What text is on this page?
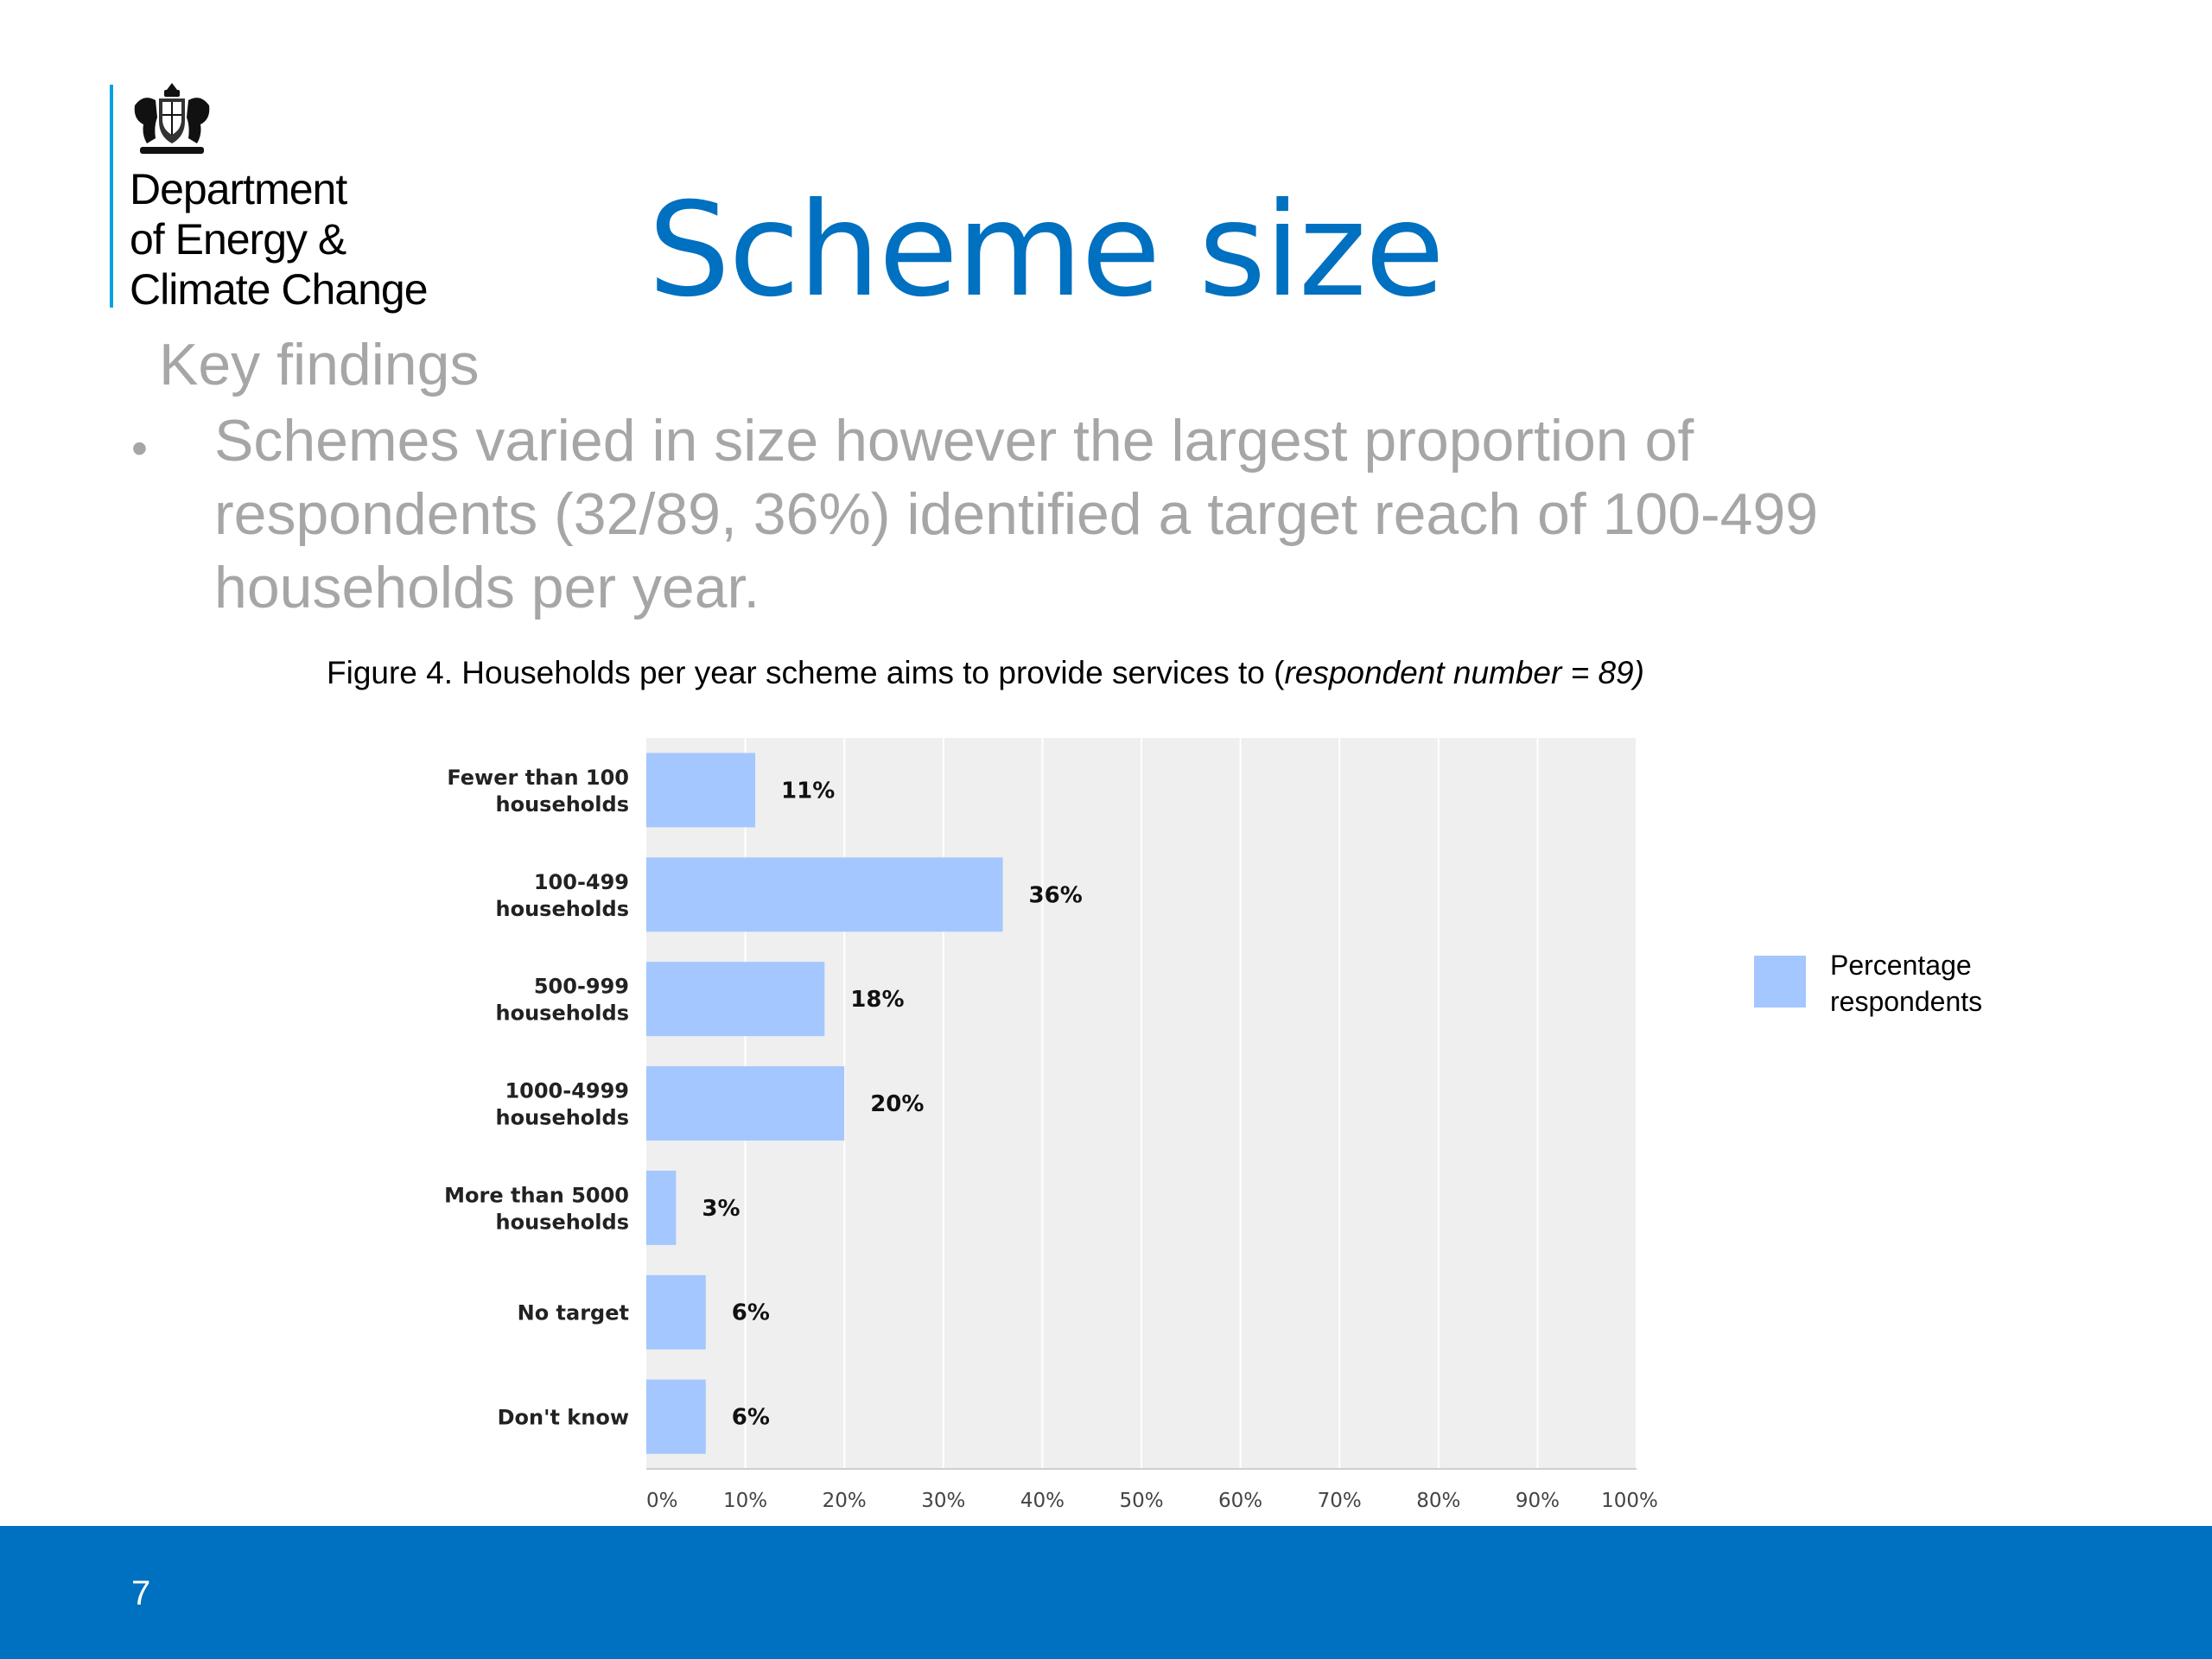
Department
of Energy &
Climate Change Scheme size
Key findings
• Schemes varied in size however the largest proportion of respondents (32/89, 36%) identified a target reach of 100-499 households per year.
Figure 4. Households per year scheme aims to provide services to (respondent number = 89)
0% 10%	20%	30%	40%	50%	60%	70%	80%	90% 100%
11%
Fewer than 100
households
36%
100-499
households
18%
500-999
households
20%
1000-4999
households
3%
More than 5000
households
6%
No target
6%
Don't know
Percentage
respondents
7
